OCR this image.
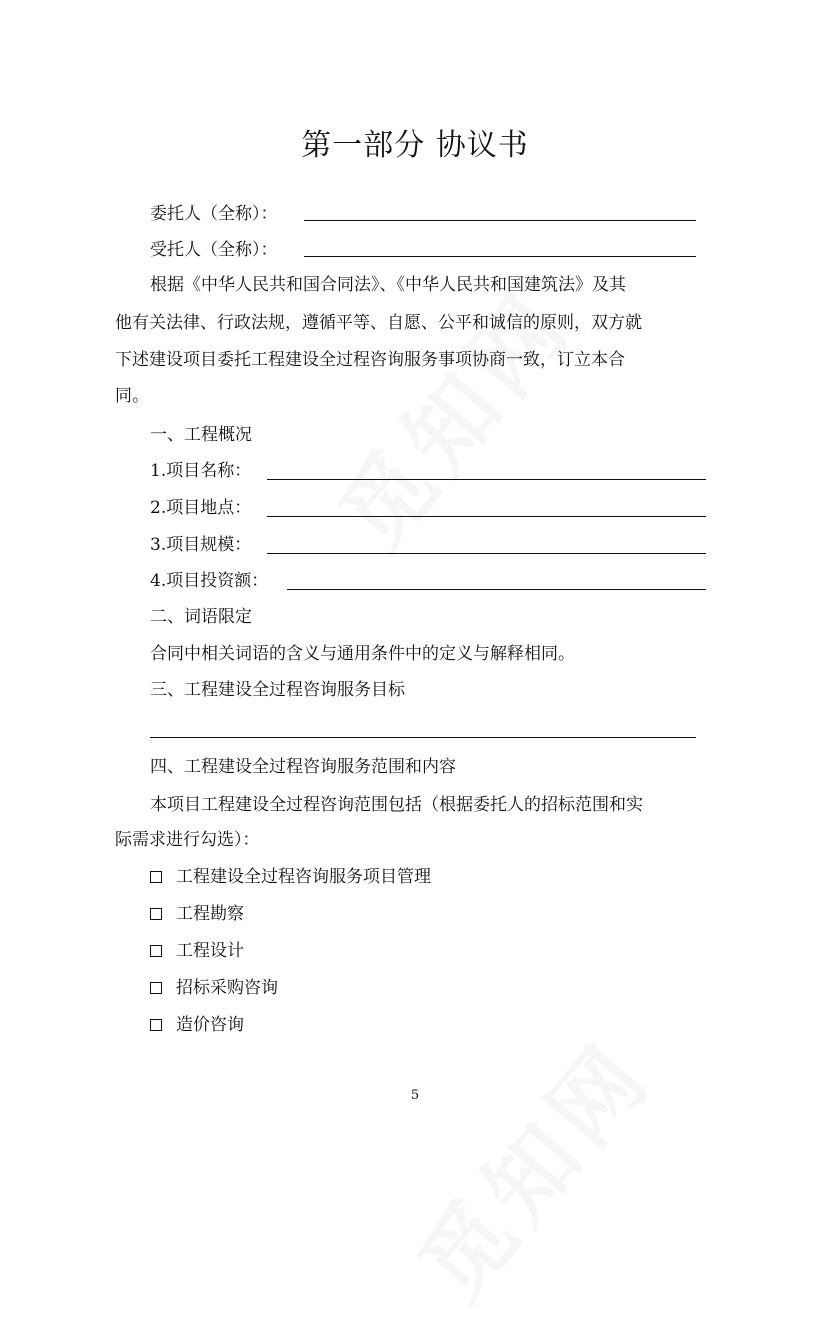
第一部分 协议书
委托人（全称）：
受托人（全称）：
根据《中华人民共和国合同法》、《中华人民共和国建筑法》及其
他有关法律、行政法规，遵循平等、自愿、公平和诚信的原则，双方就
下述建设项目委托工程建设全过程咨询服务事项协商一致，订立本合
同。
一、工程概况
1.项目名称：
2.项目地点：
3.项目规模：
4.项目投资额：
二、词语限定
合同中相关词语的含义与通用条件中的定义与解释相同。
三、工程建设全过程咨询服务目标
四、工程建设全过程咨询服务范围和内容
本项目工程建设全过程咨询范围包括（根据委托人的招标范围和实
际需求进行勾选）：
工程建设全过程咨询服务项目管理
工程勘察
工程设计
招标采购咨询
造价咨询
5
